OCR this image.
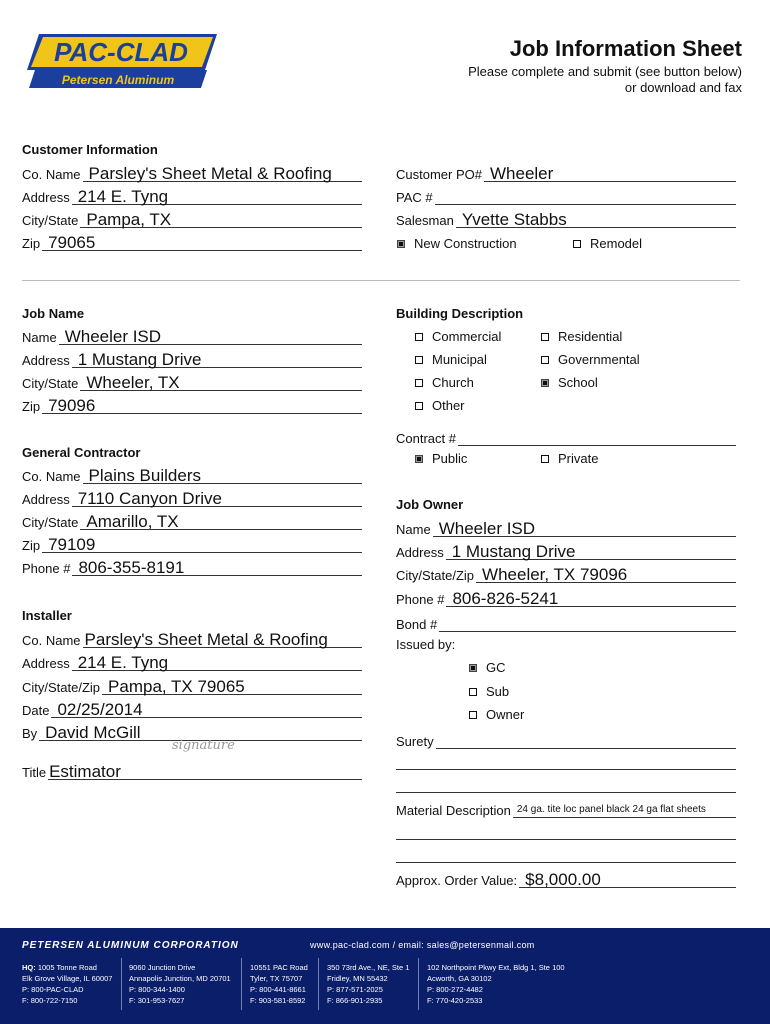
PAC-CLAD
Petersen Aluminum
Job Information Sheet
Please complete and submit (see button below)
or download and fax
Customer Information
Co. Name Parsley's Sheet Metal & Roofing
Address 214 E. Tyng
City/State Pampa, TX
Zip 79065
Customer PO# Wheeler
PAC #
Salesman Yvette Stabbs
New Construction	Remodel
Job Name
Name Wheeler ISD
Address 1 Mustang Drive
City/State Wheeler, TX
Zip 79096
Building Description
Commercial	Residential
Municipal	Governmental
Church	School
Other
Contract #
Public	Private
General Contractor
Co. Name Plains Builders
Address 7110 Canyon Drive
City/State Amarillo, TX
Zip 79109
Phone # 806-355-8191
Job Owner
Name Wheeler ISD
Address 1 Mustang Drive
City/State/Zip Wheeler, TX 79096
Phone # 806-826-5241
Bond #
Issued by:
GC
Sub
Owner
Surety
Material Description 24 ga. tite loc panel black 24 ga flat sheets
Approx. Order Value: $8,000.00
Installer
Co. Name Parsley's Sheet Metal & Roofing
Address 214 E. Tyng
City/State/Zip Pampa, TX 79065
Date 02/25/2014
By David McGill
signature
Title Estimator
PETERSEN ALUMINUM CORPORATION	www.pac-clad.com / email: sales@petersenmail.com
HQ: 1005 Tonne Road
Elk Grove Village, IL 60007
P: 800-PAC-CLAD
F: 800-722-7150
9060 Junction Drive
Annapolis Junction, MD 20701
P: 800-344-1400
F: 301-953-7627
10551 PAC Road
Tyler, TX 75707
P: 800-441-8661
F: 903-581-8592
350 73rd Ave., NE, Ste 1
Fridley, MN 55432
P: 877-571-2025
F: 866-901-2935
102 Northpoint Pkwy Ext, Bldg 1, Ste 100
Acworth, GA 30102
P: 800-272-4482
F: 770-420-2533
